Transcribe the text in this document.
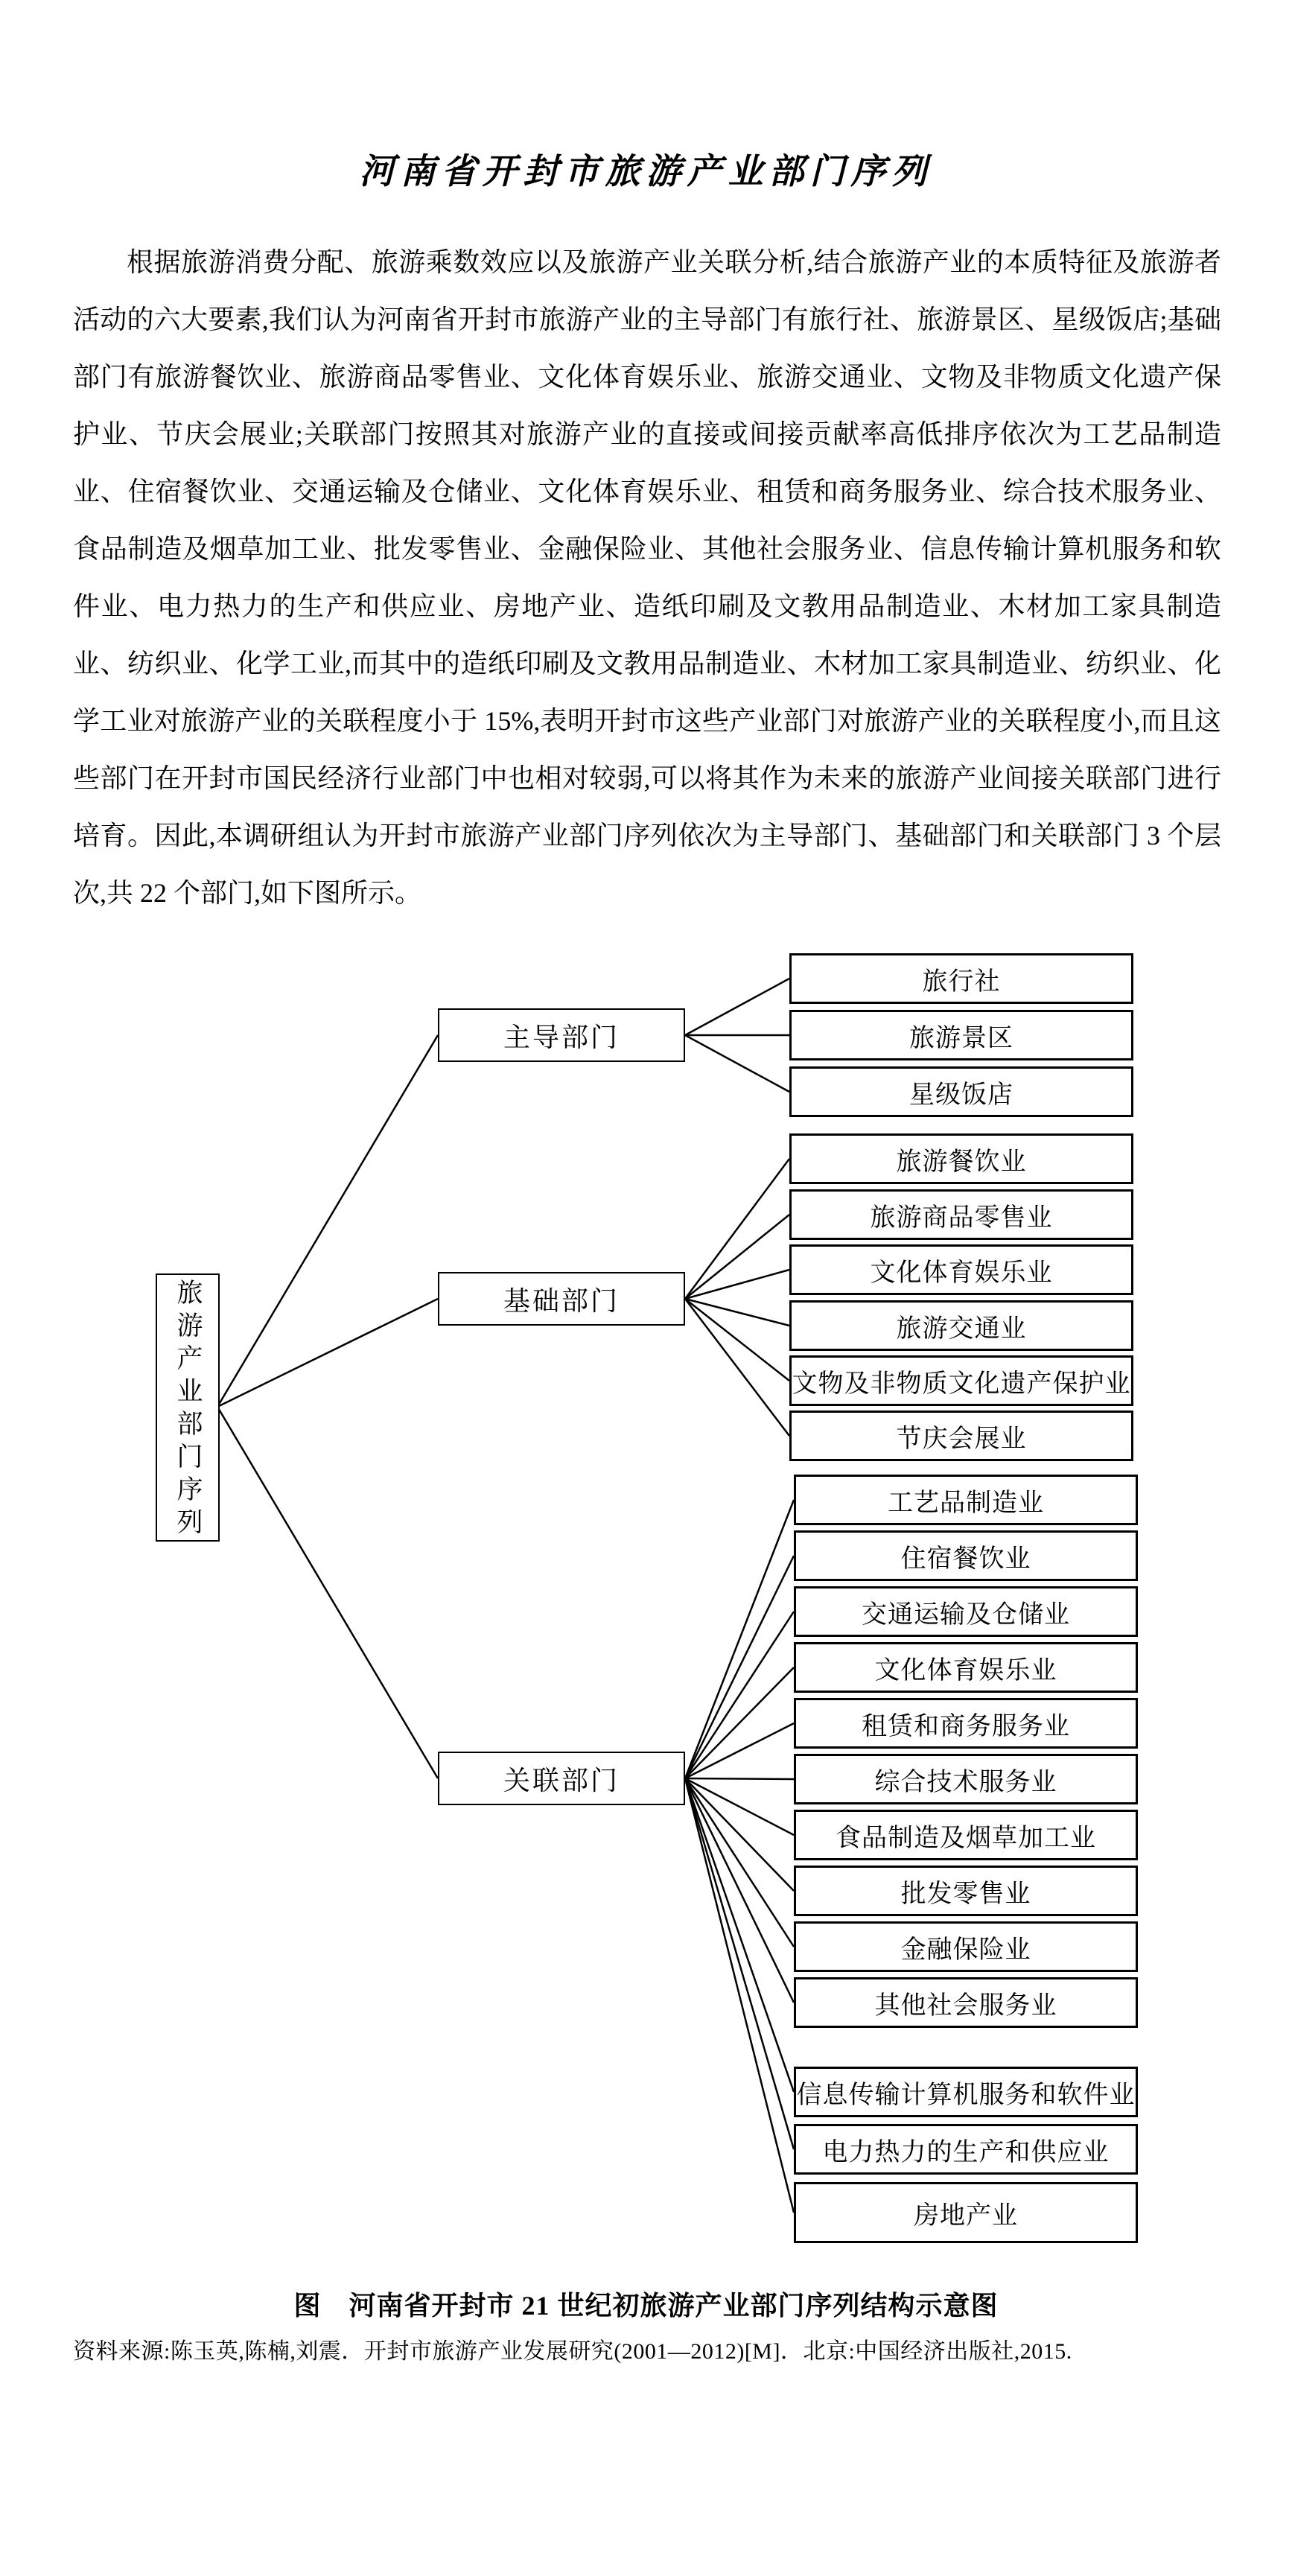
河南省开封市旅游产业部门序列

根据旅游消费分配、旅游乘数效应以及旅游产业关联分析,结合旅游产业的本质特征及旅游者活动的六大要素,我们认为河南省开封市旅游产业的主导部门有旅行社、旅游景区、星级饭店;基础部门有旅游餐饮业、旅游商品零售业、文化体育娱乐业、旅游交通业、文物及非物质文化遗产保护业、节庆会展业;关联部门按照其对旅游产业的直接或间接贡献率高低排序依次为工艺品制造业、住宿餐饮业、交通运输及仓储业、文化体育娱乐业、租赁和商务服务业、综合技术服务业、食品制造及烟草加工业、批发零售业、金融保险业、其他社会服务业、信息传输计算机服务和软件业、电力热力的生产和供应业、房地产业、造纸印刷及文教用品制造业、木材加工家具制造业、纺织业、化学工业,而其中的造纸印刷及文教用品制造业、木材加工家具制造业、纺织业、化学工业对旅游产业的关联程度小于 15%,表明开封市这些产业部门对旅游产业的关联程度小,而且这些部门在开封市国民经济行业部门中也相对较弱,可以将其作为未来的旅游产业间接关联部门进行培育。因此,本调研组认为开封市旅游产业部门序列依次为主导部门、基础部门和关联部门 3 个层次,共 22 个部门,如下图所示。

旅游产业部门序列
主导部门
基础部门
关联部门
旅行社
旅游景区
星级饭店
旅游餐饮业
旅游商品零售业
文化体育娱乐业
旅游交通业
文物及非物质文化遗产保护业
节庆会展业
工艺品制造业
住宿餐饮业
交通运输及仓储业
文化体育娱乐业
租赁和商务服务业
综合技术服务业
食品制造及烟草加工业
批发零售业
金融保险业
其他社会服务业
信息传输计算机服务和软件业
电力热力的生产和供应业
房地产业
图　河南省开封市 21 世纪初旅游产业部门序列结构示意图
资料来源:陈玉英,陈楠,刘震．开封市旅游产业发展研究(2001—2012)[M]．北京:中国经济出版社,2015.
